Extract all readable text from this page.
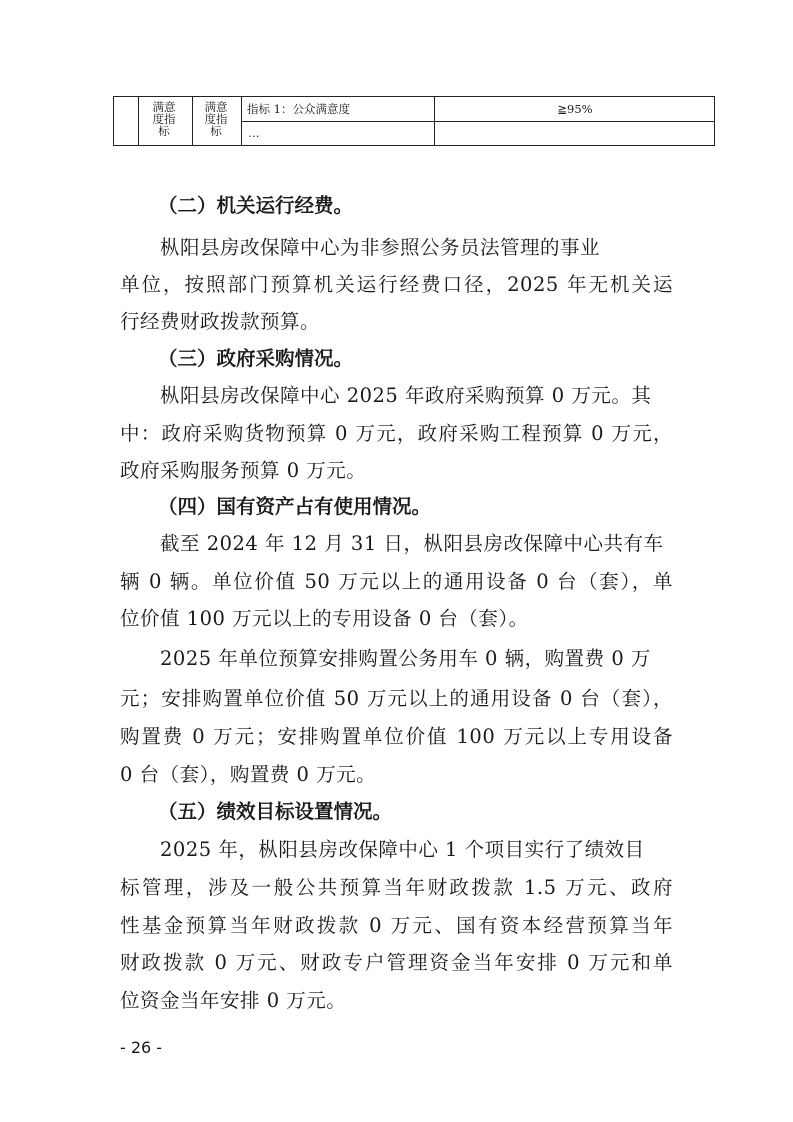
满意
度指
标
满意
度指
标
指标 1：公众满意度	≧95%
…
（二）机关运行经费。
枞阳县房改保障中心为非参照公务员法管理的事业
单位，按照部门预算机关运行经费口径，2025 年无机关运
行经费财政拨款预算。
（三）政府采购情况。
枞阳县房改保障中心 2025 年政府采购预算 0 万元。其
中：政府采购货物预算 0 万元，政府采购工程预算 0 万元，
政府采购服务预算 0 万元。
（四）国有资产占有使用情况。
截至 2024 年 12 月 31 日，枞阳县房改保障中心共有车
辆 0 辆。单位价值 50 万元以上的通用设备 0 台（套），单
位价值 100 万元以上的专用设备 0 台（套）。
2025 年单位预算安排购置公务用车 0 辆，购置费 0 万
元；安排购置单位价值 50 万元以上的通用设备 0 台（套），
购置费 0 万元；安排购置单位价值 100 万元以上专用设备
0 台（套），购置费 0 万元。
（五）绩效目标设置情况。
2025 年，枞阳县房改保障中心 1 个项目实行了绩效目
标管理，涉及一般公共预算当年财政拨款 1.5 万元、政府
性基金预算当年财政拨款 0 万元、国有资本经营预算当年
财政拨款 0 万元、财政专户管理资金当年安排 0 万元和单
位资金当年安排 0 万元。
- 26 -
